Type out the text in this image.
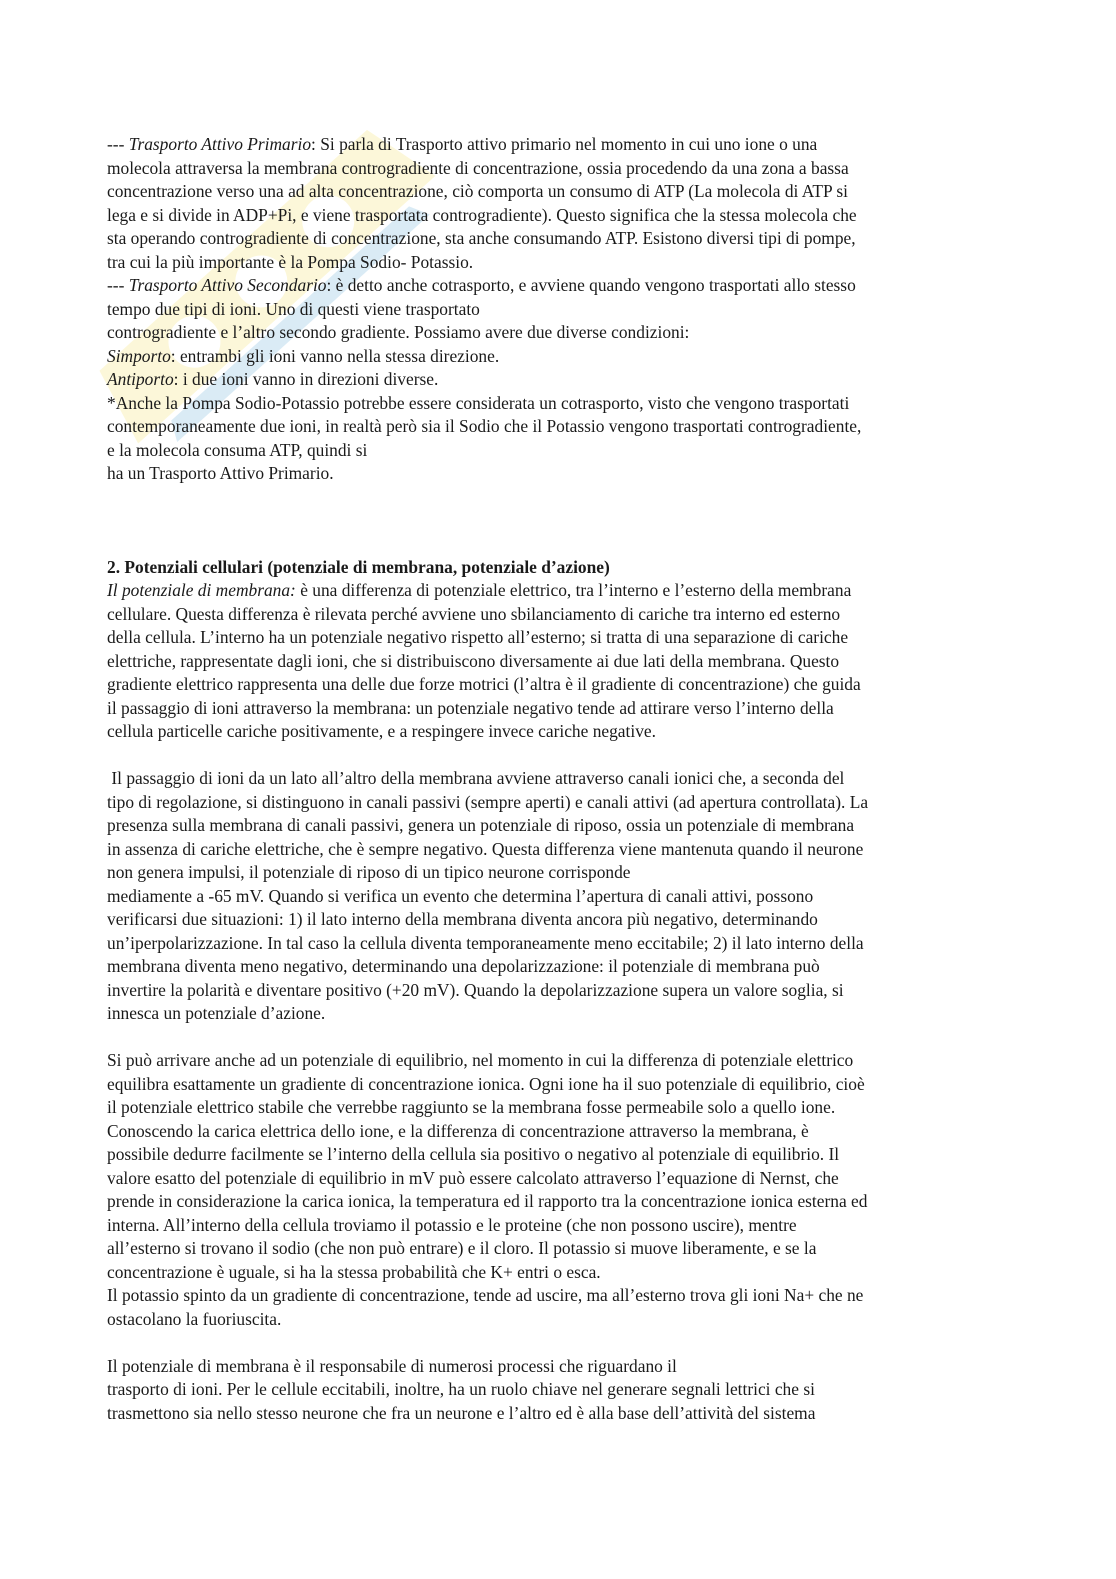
--- Trasporto Attivo Primario: Si parla di Trasporto attivo primario nel momento in cui uno ione o una

molecola attraversa la membrana controgradiente di concentrazione, ossia procedendo da una zona a bassa

concentrazione verso una ad alta concentrazione, ciò comporta un consumo di ATP (La molecola di ATP si

lega e si divide in ADP+Pi, e viene trasportata controgradiente). Questo significa che la stessa molecola che

sta operando controgradiente di concentrazione, sta anche consumando ATP. Esistono diversi tipi di pompe,

tra cui la più importante è la Pompa Sodio- Potassio.

--- Trasporto Attivo Secondario: è detto anche cotrasporto, e avviene quando vengono trasportati allo stesso

tempo due tipi di ioni. Uno di questi viene trasportato

controgradiente e l’altro secondo gradiente. Possiamo avere due diverse condizioni:

Simporto: entrambi gli ioni vanno nella stessa direzione.

Antiporto: i due ioni vanno in direzioni diverse.

*Anche la Pompa Sodio-Potassio potrebbe essere considerata un cotrasporto, visto che vengono trasportati

contemporaneamente due ioni, in realtà però sia il Sodio che il Potassio vengono trasportati controgradiente,

e la molecola consuma ATP, quindi si

ha un Trasporto Attivo Primario.

2. Potenziali cellulari (potenziale di membrana, potenziale d’azione)

Il potenziale di membrana: è una differenza di potenziale elettrico, tra l’interno e l’esterno della membrana

cellulare. Questa differenza è rilevata perché avviene uno sbilanciamento di cariche tra interno ed esterno

della cellula. L’interno ha un potenziale negativo rispetto all’esterno; si tratta di una separazione di cariche

elettriche, rappresentate dagli ioni, che si distribuiscono diversamente ai due lati della membrana. Questo

gradiente elettrico rappresenta una delle due forze motrici (l’altra è il gradiente di concentrazione) che guida

il passaggio di ioni attraverso la membrana: un potenziale negativo tende ad attirare verso l’interno della

cellula particelle cariche positivamente, e a respingere invece cariche negative.

Il passaggio di ioni da un lato all’altro della membrana avviene attraverso canali ionici che, a seconda del

tipo di regolazione, si distinguono in canali passivi (sempre aperti) e canali attivi (ad apertura controllata). La

presenza sulla membrana di canali passivi, genera un potenziale di riposo, ossia un potenziale di membrana

in assenza di cariche elettriche, che è sempre negativo. Questa differenza viene mantenuta quando il neurone

non genera impulsi, il potenziale di riposo di un tipico neurone corrisponde

mediamente a -65 mV. Quando si verifica un evento che determina l’apertura di canali attivi, possono

verificarsi due situazioni: 1) il lato interno della membrana diventa ancora più negativo, determinando

un’iperpolarizzazione. In tal caso la cellula diventa temporaneamente meno eccitabile; 2) il lato interno della

membrana diventa meno negativo, determinando una depolarizzazione: il potenziale di membrana può

invertire la polarità e diventare positivo (+20 mV). Quando la depolarizzazione supera un valore soglia, si

innesca un potenziale d’azione.

Si può arrivare anche ad un potenziale di equilibrio, nel momento in cui la differenza di potenziale elettrico

equilibra esattamente un gradiente di concentrazione ionica. Ogni ione ha il suo potenziale di equilibrio, cioè

il potenziale elettrico stabile che verrebbe raggiunto se la membrana fosse permeabile solo a quello ione.

Conoscendo la carica elettrica dello ione, e la differenza di concentrazione attraverso la membrana, è

possibile dedurre facilmente se l’interno della cellula sia positivo o negativo al potenziale di equilibrio. Il

valore esatto del potenziale di equilibrio in mV può essere calcolato attraverso l’equazione di Nernst, che

prende in considerazione la carica ionica, la temperatura ed il rapporto tra la concentrazione ionica esterna ed

interna. All’interno della cellula troviamo il potassio e le proteine (che non possono uscire), mentre

all’esterno si trovano il sodio (che non può entrare) e il cloro. Il potassio si muove liberamente, e se la

concentrazione è uguale, si ha la stessa probabilità che K+ entri o esca.

Il potassio spinto da un gradiente di concentrazione, tende ad uscire, ma all’esterno trova gli ioni Na+ che ne

ostacolano la fuoriuscita.

Il potenziale di membrana è il responsabile di numerosi processi che riguardano il

trasporto di ioni. Per le cellule eccitabili, inoltre, ha un ruolo chiave nel generare segnali lettrici che si

trasmettono sia nello stesso neurone che fra un neurone e l’altro ed è alla base dell’attività del sistema
